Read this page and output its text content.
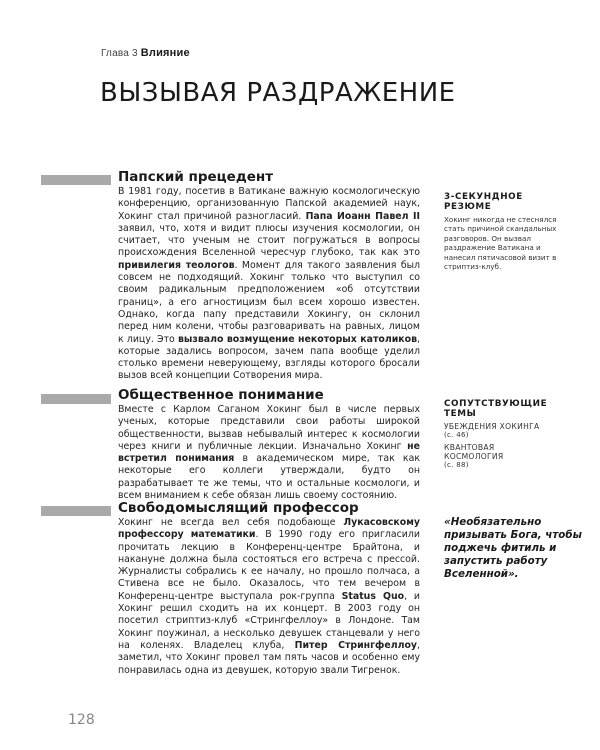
Глава 3 Влияние
ВЫЗЫВАЯ РАЗДРАЖЕНИЕ
Папский прецедент

В 1981 году, посетив в Ватикане важную космологическую конференцию, организованную Папской академией наук, Хокинг стал причиной разногласий. Папа Иоанн Павел II заявил, что, хотя и видит плюсы изучения космологии, он считает, что ученым не стоит погружаться в вопросы происхождения Вселенной чересчур глубоко, так как это привилегия теологов. Момент для такого заявления был совсем не подходящий. Хокинг только что выступил со своим радикальным предположением «об отсутствии границ», а его агностицизм был всем хорошо известен. Однако, когда папу представили Хокингу, он склонил перед ним колени, чтобы разговаривать на равных, лицом к лицу. Это вызвало возмущение некоторых католиков, которые задались вопросом, зачем папа вообще уделил столько времени неверующему, взгляды которого бросали вызов всей концепции Сотворения мира.

Общественное понимание

Вместе с Карлом Саганом Хокинг был в числе первых ученых, которые представили свои работы широкой общественности, вызвав небывалый интерес к космологии через книги и публичные лекции. Изначально Хокинг не встретил понимания в академическом мире, так как некоторые его коллеги утверждали, будто он разрабатывает те же темы, что и остальные космологи, и всем вниманием к себе обязан лишь своему состоянию.

Свободомыслящий профессор

Хокинг не всегда вел себя подобающе Лукасовскому профессору математики. В 1990 году его пригласили прочитать лекцию в Конференц-центре Брайтона, и накануне должна была состояться его встреча с прессой. Журналисты собрались к ее началу, но прошло полчаса, а Стивена все не было. Оказалось, что тем вечером в Конференц-центре выступала рок-группа Status Quo, и Хокинг решил сходить на их концерт. В 2003 году он посетил стриптиз-клуб «Стрингфеллоу» в Лондоне. Там Хокинг поужинал, а несколько девушек станцевали у него на коленях. Владелец клуба, Питер Стрингфеллоу, заметил, что Хокинг провел там пять часов и особенно ему понравилась одна из девушек, которую звали Тигренок.

3-СЕКУНДНОЕ РЕЗЮМЕ
Хокинг никогда не стеснялся стать причиной скандальных разговоров. Он вызвал раздражение Ватикана и нанесил пятичасовой визит в стриптиз-клуб.
СОПУТСТВУЮЩИЕ ТЕМЫ
УБЕЖДЕНИЯ ХОКИНГА
(с. 46)
КВАНТОВАЯ КОСМОЛОГИЯ
(с. 88)
«Необязательно призывать Бога, чтобы поджечь фитиль и запустить работу Вселенной».
128
